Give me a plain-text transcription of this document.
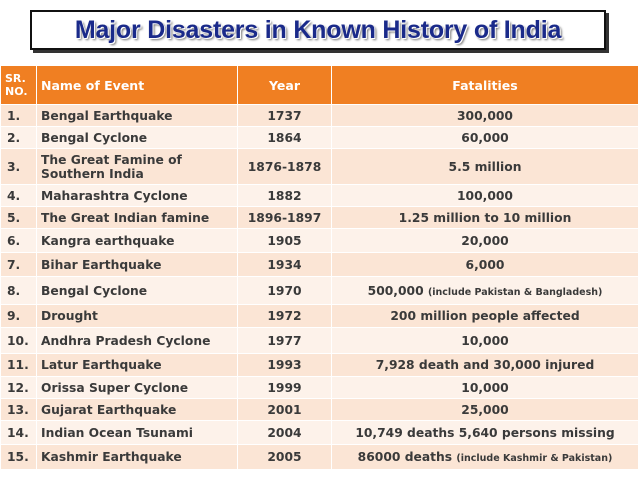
Major Disasters in Known History of India
SR.
NO.	Name of Event	Year	Fatalities
1.	Bengal Earthquake	1737	300,000
2.	Bengal Cyclone	1864	60,000
3.	The Great Famine of Southern India	1876-1878	5.5 million
4.	Maharashtra Cyclone	1882	100,000
5.	The Great Indian famine	1896-1897	1.25 million to 10 million
6.	Kangra earthquake	1905	20,000
7.	Bihar Earthquake	1934	6,000
8.	Bengal Cyclone	1970	500,000 (include Pakistan & Bangladesh)
9.	Drought	1972	200 million people affected
10.	Andhra Pradesh Cyclone	1977	10,000
11.	Latur Earthquake	1993	7,928 death and 30,000 injured
12.	Orissa Super Cyclone	1999	10,000
13.	Gujarat Earthquake	2001	25,000
14.	Indian Ocean Tsunami	2004	10,749 deaths 5,640 persons missing
15.	Kashmir Earthquake	2005	86000 deaths (include Kashmir & Pakistan)
